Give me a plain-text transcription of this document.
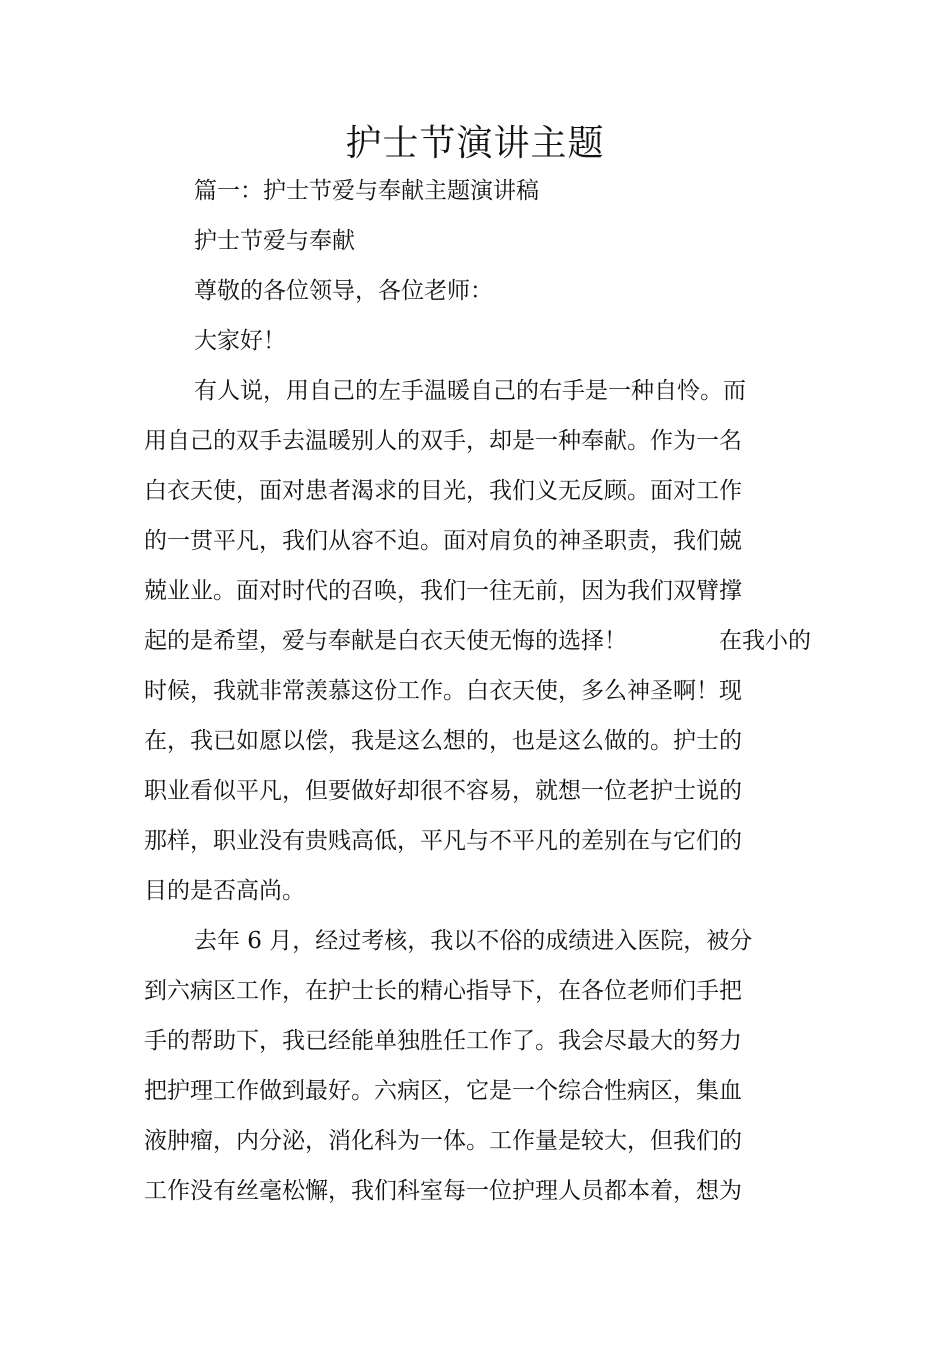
护士节演讲主题
篇一：护士节爱与奉献主题演讲稿
护士节爱与奉献
尊敬的各位领导，各位老师：
大家好！
有人说，用自己的左手温暖自己的右手是一种自怜。而
用自己的双手去温暖别人的双手，却是一种奉献。作为一名
白衣天使，面对患者渴求的目光，我们义无反顾。面对工作
的一贯平凡，我们从容不迫。面对肩负的神圣职责，我们兢
兢业业。面对时代的召唤，我们一往无前，因为我们双臂撑
起的是希望，爱与奉献是白衣天使无悔的选择！	在我小的
时候，我就非常羡慕这份工作。白衣天使，多么神圣啊！现
在，我已如愿以偿，我是这么想的，也是这么做的。护士的
职业看似平凡，但要做好却很不容易，就想一位老护士说的
那样，职业没有贵贱高低，平凡与不平凡的差别在与它们的
目的是否高尚。
去年 6 月，经过考核，我以不俗的成绩进入医院，被分
到六病区工作，在护士长的精心指导下，在各位老师们手把
手的帮助下，我已经能单独胜任工作了。我会尽最大的努力
把护理工作做到最好。六病区，它是一个综合性病区，集血
液肿瘤，内分泌，消化科为一体。工作量是较大，但我们的
工作没有丝毫松懈，我们科室每一位护理人员都本着，想为
